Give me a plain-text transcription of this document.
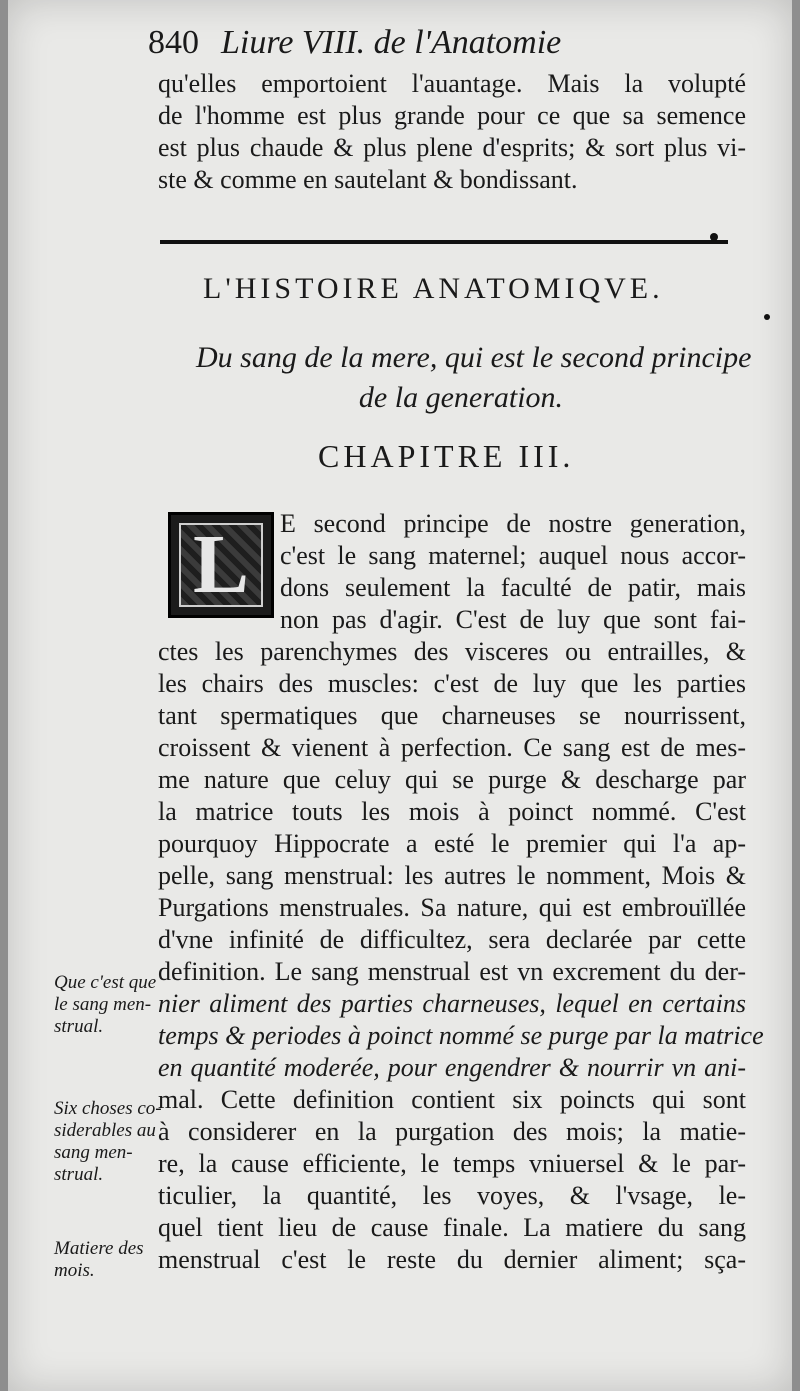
840 Liure VIII. de l'Anatomie
qu'elles emportoient l'auantage. Mais la volupté
de l'homme est plus grande pour ce que sa semence
est plus chaude & plus plene d'esprits; & sort plus vi-
ste & comme en sautelant & bondissant.
L'HISTOIRE ANATOMIQVE.
Du sang de la mere, qui est le second principe
de la generation.
CHAPITRE III.
L	E second principe de nostre generation,
c'est le sang maternel; auquel nous accor-
dons seulement la faculté de patir, mais
non pas d'agir. C'est de luy que sont fai-
ctes les parenchymes des visceres ou entrailles, &
les chairs des muscles: c'est de luy que les parties
tant spermatiques que charneuses se nourrissent,
croissent & vienent à perfection. Ce sang est de mes-
me nature que celuy qui se purge & descharge par
la matrice touts les mois à poinct nommé. C'est
pourquoy Hippocrate a esté le premier qui l'a ap-
pelle, sang menstrual: les autres le nomment, Mois &
Purgations menstruales. Sa nature, qui est embrouïllée
d'vne infinité de difficultez, sera declarée par cette
definition. Le sang menstrual est vn excrement du der-
nier aliment des parties charneuses, lequel en certains
temps & periodes à poinct nommé se purge par la matrice
en quantité moderée, pour engendrer & nourrir vn ani-
mal. Cette definition contient six poincts qui sont
à considerer en la purgation des mois; la matie-
re, la cause efficiente, le temps vniuersel & le par-
ticulier, la quantité, les voyes, & l'vsage, le-
quel tient lieu de cause finale. La matiere du sang
menstrual c'est le reste du dernier aliment; sça-
Que c'est que
le sang men-
strual.
Six choses co-
siderables au
sang men-
strual.
Matiere des
mois.
